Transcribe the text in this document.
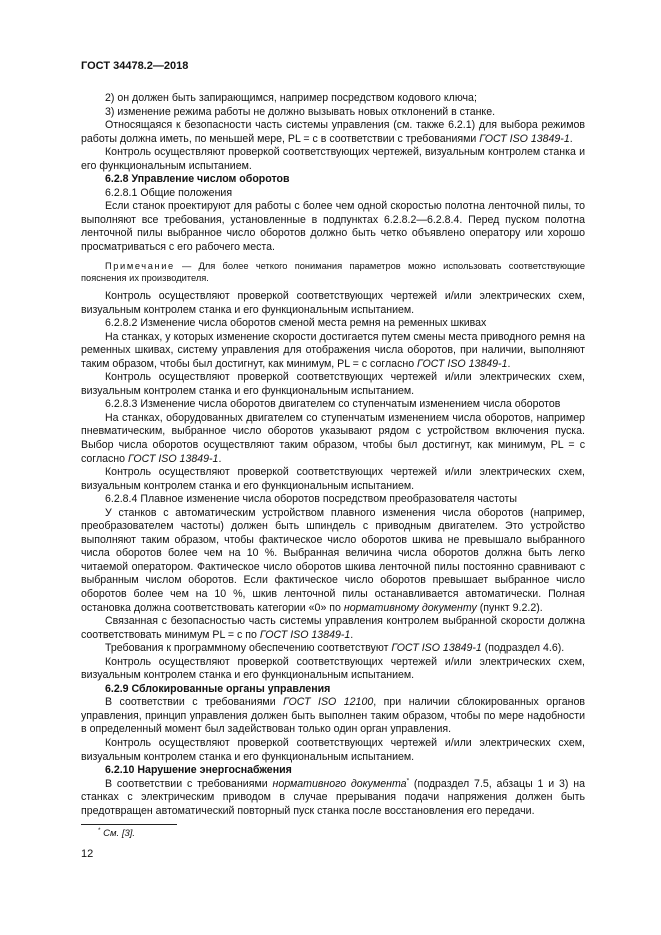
ГОСТ 34478.2—2018

2) он должен быть запирающимся, например посредством кодового ключа;

3) изменение режима работы не должно вызывать новых отклонений в станке.

Относящаяся к безопасности часть системы управления (см. также 6.2.1) для выбора режимов работы должна иметь, по меньшей мере, PL = c в соответствии с требованиями ГОСТ ISO 13849-1.

Контроль осуществляют проверкой соответствующих чертежей, визуальным контролем станка и его функциональным испытанием.

6.2.8 Управление числом оборотов

6.2.8.1 Общие положения

Если станок проектируют для работы с более чем одной скоростью полотна ленточной пилы, то выполняют все требования, установленные в подпунктах 6.2.8.2—6.2.8.4. Перед пуском полотна ленточной пилы выбранное число оборотов должно быть четко объявлено оператору или хорошо просматриваться с его рабочего места.

Примечание — Для более четкого понимания параметров можно использовать соответствующие пояснения их производителя.

Контроль осуществляют проверкой соответствующих чертежей и/или электрических схем, визуальным контролем станка и его функциональным испытанием.

6.2.8.2 Изменение числа оборотов сменой места ремня на ременных шкивах

На станках, у которых изменение скорости достигается путем смены места приводного ремня на ременных шкивах, систему управления для отображения числа оборотов, при наличии, выполняют таким образом, чтобы был достигнут, как минимум, PL = c согласно ГОСТ ISO 13849-1.

Контроль осуществляют проверкой соответствующих чертежей и/или электрических схем, визуальным контролем станка и его функциональным испытанием.

6.2.8.3 Изменение числа оборотов двигателем со ступенчатым изменением числа оборотов

На станках, оборудованных двигателем со ступенчатым изменением числа оборотов, например пневматическим, выбранное число оборотов указывают рядом с устройством включения пуска. Выбор числа оборотов осуществляют таким образом, чтобы был достигнут, как минимум, PL = c согласно ГОСТ ISO 13849-1.

Контроль осуществляют проверкой соответствующих чертежей и/или электрических схем, визуальным контролем станка и его функциональным испытанием.

6.2.8.4 Плавное изменение числа оборотов посредством преобразователя частоты

У станков с автоматическим устройством плавного изменения числа оборотов (например, преобразователем частоты) должен быть шпиндель с приводным двигателем. Это устройство выполняют таким образом, чтобы фактическое число оборотов шкива не превышало выбранного числа оборотов более чем на 10 %. Выбранная величина числа оборотов должна быть легко читаемой оператором. Фактическое число оборотов шкива ленточной пилы постоянно сравнивают с выбранным числом оборотов. Если фактическое число оборотов превышает выбранное число оборотов более чем на 10 %, шкив ленточной пилы останавливается автоматически. Полная остановка должна соответствовать категории «0» по нормативному документу (пункт 9.2.2).

Связанная с безопасностью часть системы управления контролем выбранной скорости должна соответствовать минимум PL = c по ГОСТ ISO 13849-1.

Требования к программному обеспечению соответствуют ГОСТ ISO 13849-1 (подраздел 4.6).

Контроль осуществляют проверкой соответствующих чертежей и/или электрических схем, визуальным контролем станка и его функциональным испытанием.

6.2.9 Сблокированные органы управления

В соответствии с требованиями ГОСТ ISO 12100, при наличии сблокированных органов управления, принцип управления должен быть выполнен таким образом, чтобы по мере надобности в определенный момент был задействован только один орган управления.

Контроль осуществляют проверкой соответствующих чертежей и/или электрических схем, визуальным контролем станка и его функциональным испытанием.

6.2.10 Нарушение энергоснабжения

В соответствии с требованиями нормативного документа* (подраздел 7.5, абзацы 1 и 3) на станках с электрическим приводом в случае прерывания подачи напряжения должен быть предотвращен автоматический повторный пуск станка после восстановления его передачи.

* См. [3].
12
